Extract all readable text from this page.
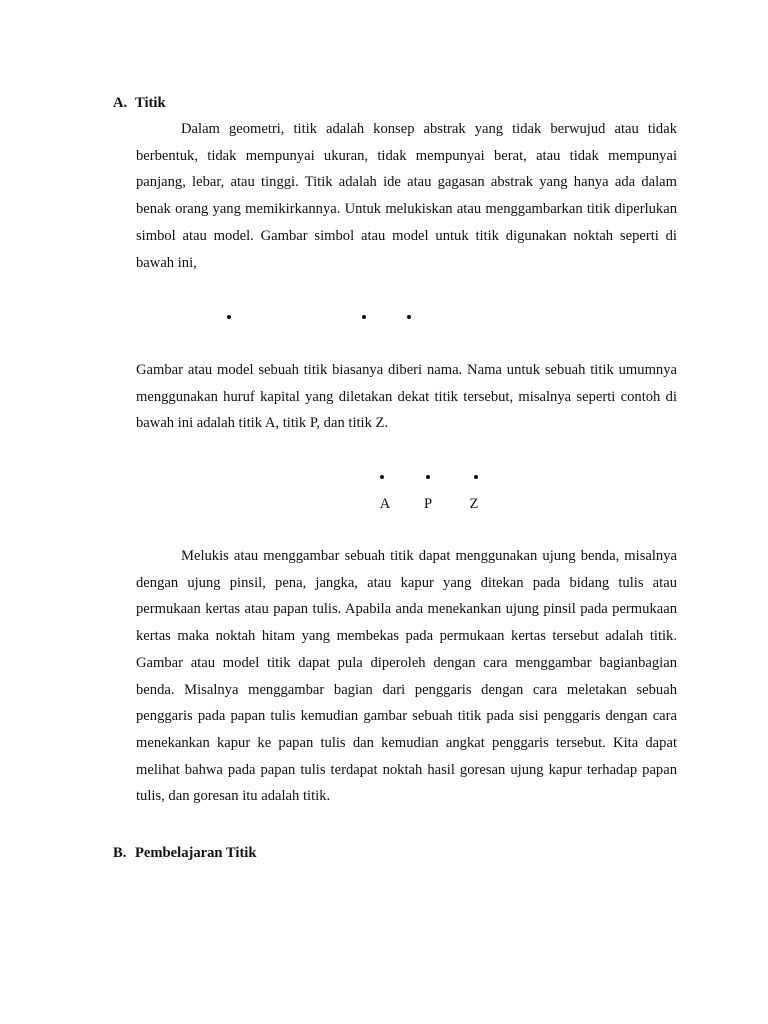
A. Titik

Dalam geometri, titik adalah konsep abstrak yang tidak berwujud atau tidak berbentuk, tidak mempunyai ukuran, tidak mempunyai berat, atau tidak mempunyai panjang, lebar, atau tinggi. Titik adalah ide atau gagasan abstrak yang hanya ada dalam benak orang yang memikirkannya. Untuk melukiskan atau menggambarkan titik diperlukan simbol atau model. Gambar simbol atau model untuk titik digunakan noktah seperti di bawah ini,

Gambar atau model sebuah titik biasanya diberi nama. Nama untuk sebuah titik umumnya menggunakan huruf kapital yang diletakan dekat titik tersebut, misalnya seperti contoh di bawah ini adalah titik A, titik P, dan titik Z.

A	P	Z

Melukis atau menggambar sebuah titik dapat menggunakan ujung benda, misalnya dengan ujung pinsil, pena, jangka, atau kapur yang ditekan pada bidang tulis atau permukaan kertas atau papan tulis. Apabila anda menekankan ujung pinsil pada permukaan kertas maka noktah hitam yang membekas pada permukaan kertas tersebut adalah titik. Gambar atau model titik dapat pula diperoleh dengan cara menggambar bagianbagian benda. Misalnya menggambar bagian dari penggaris dengan cara meletakan sebuah penggaris pada papan tulis kemudian gambar sebuah titik pada sisi penggaris dengan cara menekankan kapur ke papan tulis dan kemudian angkat penggaris tersebut. Kita dapat melihat bahwa pada papan tulis terdapat noktah hasil goresan ujung kapur terhadap papan tulis, dan goresan itu adalah titik.

B. Pembelajaran Titik
